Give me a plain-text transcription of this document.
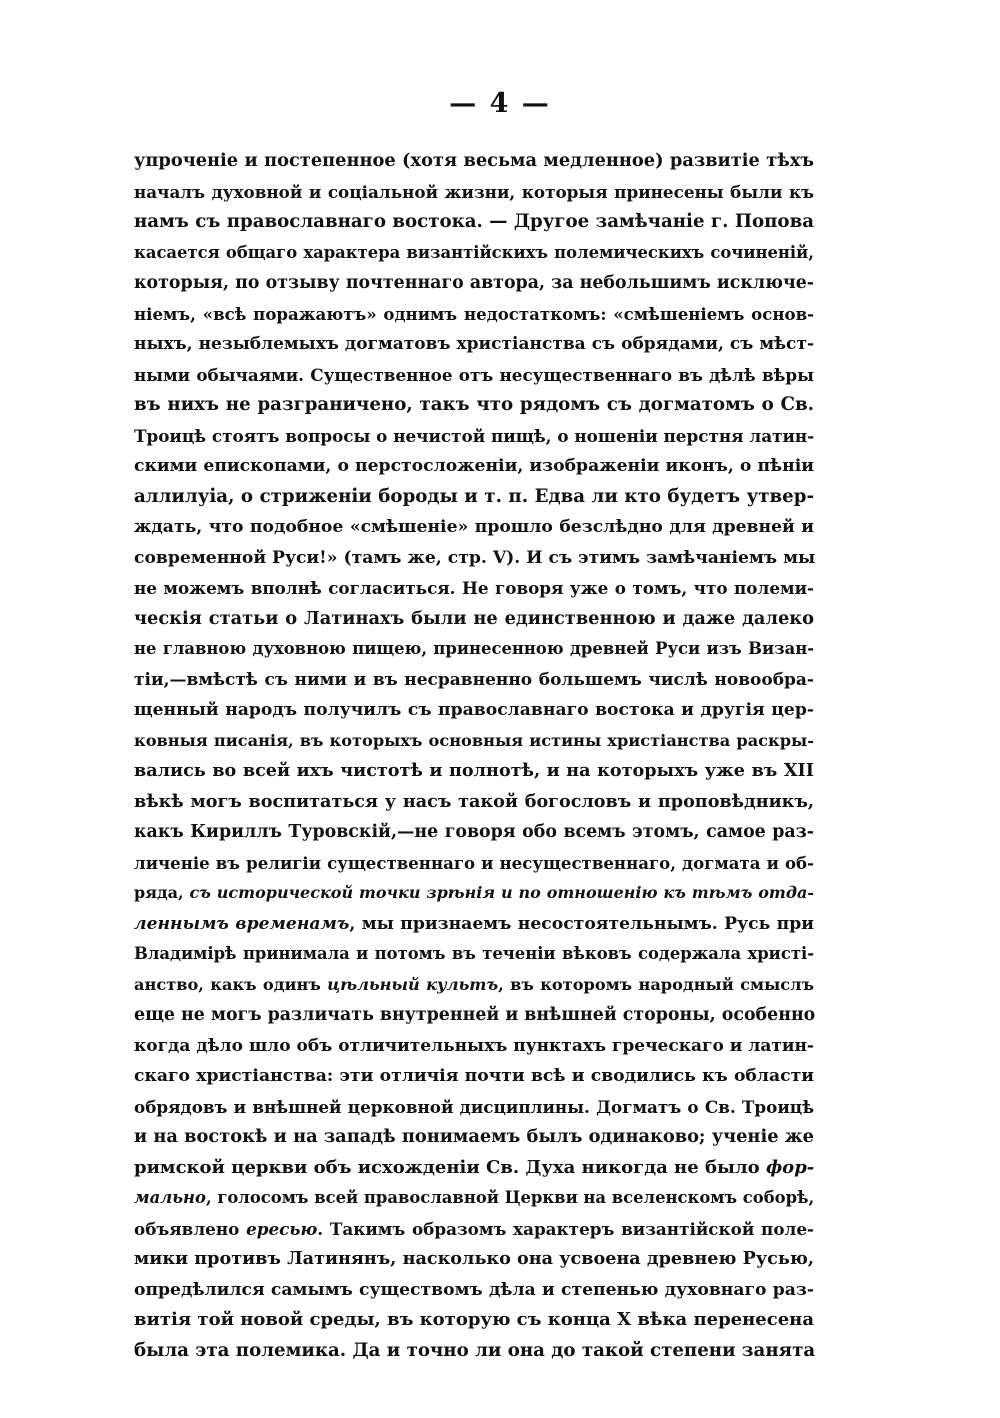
— 4 —
упроченіе и постепенное (хотя весьма медленное) развитіе тѣхъ
началъ духовной и соціальной жизни, которыя принесены были къ
намъ съ православнаго востока. — Другое замѣчаніе г. Попова
касается общаго характера византійскихъ полемическихъ сочиненій,
которыя, по отзыву почтеннаго автора, за небольшимъ исключе-
ніемъ, «всѣ поражаютъ» однимъ недостаткомъ: «смѣшеніемъ основ-
ныхъ, незыблемыхъ догматовъ христіанства съ обрядами, съ мѣст-
ными обычаями. Существенное отъ несущественнаго въ дѣлѣ вѣры
въ нихъ не разграничено, такъ что рядомъ съ догматомъ о Св.
Троицѣ стоятъ вопросы о нечистой пищѣ, о ношеніи перстня латин-
скими епископами, о перстосложеніи, изображеніи иконъ, о пѣніи
аллилуіа, о стриженіи бороды и т. п. Едва ли кто будетъ утвер-
ждать, что подобное «смѣшеніе» прошло безслѣдно для древней и
современной Руси!» (тамъ же, стр. V). И съ этимъ замѣчаніемъ мы
не можемъ вполнѣ согласиться. Не говоря уже о томъ, что полеми-
ческія статьи о Латинахъ были не единственною и даже далеко
не главною духовною пищею, принесенною древней Руси изъ Визан-
тіи,—вмѣстѣ съ ними и въ несравненно большемъ числѣ новообра-
щенный народъ получилъ съ православнаго востока и другія цер-
ковныя писанія, въ которыхъ основныя истины христіанства раскры-
вались во всей ихъ чистотѣ и полнотѣ, и на которыхъ уже въ XII
вѣкѣ могъ воспитаться у насъ такой богословъ и проповѣдникъ,
какъ Кириллъ Туровскій,—не говоря обо всемъ этомъ, самое раз-
личеніе въ религіи существеннаго и несущественнаго, догмата и об-
ряда, съ исторической точки зрѣнія и по отношенію къ тѣмъ отда-
леннымъ временамъ, мы признаемъ несостоятельнымъ. Русь при
Владимірѣ принимала и потомъ въ теченіи вѣковъ содержала христі-
анство, какъ одинъ цѣльный культъ, въ которомъ народный смыслъ
еще не могъ различать внутренней и внѣшней стороны, особенно
когда дѣло шло объ отличительныхъ пунктахъ греческаго и латин-
скаго христіанства: эти отличія почти всѣ и сводились къ области
обрядовъ и внѣшней церковной дисциплины. Догматъ о Св. Троицѣ
и на востокѣ и на западѣ понимаемъ былъ одинаково; ученіе же
римской церкви объ исхожденіи Св. Духа никогда не было фор-
мально, голосомъ всей православной Церкви на вселенскомъ соборѣ,
объявлено ересью. Такимъ образомъ характеръ византійской поле-
мики противъ Латинянъ, насколько она усвоена древнею Русью,
опредѣлился самымъ существомъ дѣла и степенью духовнаго раз-
витія той новой среды, въ которую съ конца X вѣка перенесена
была эта полемика. Да и точно ли она до такой степени занята
